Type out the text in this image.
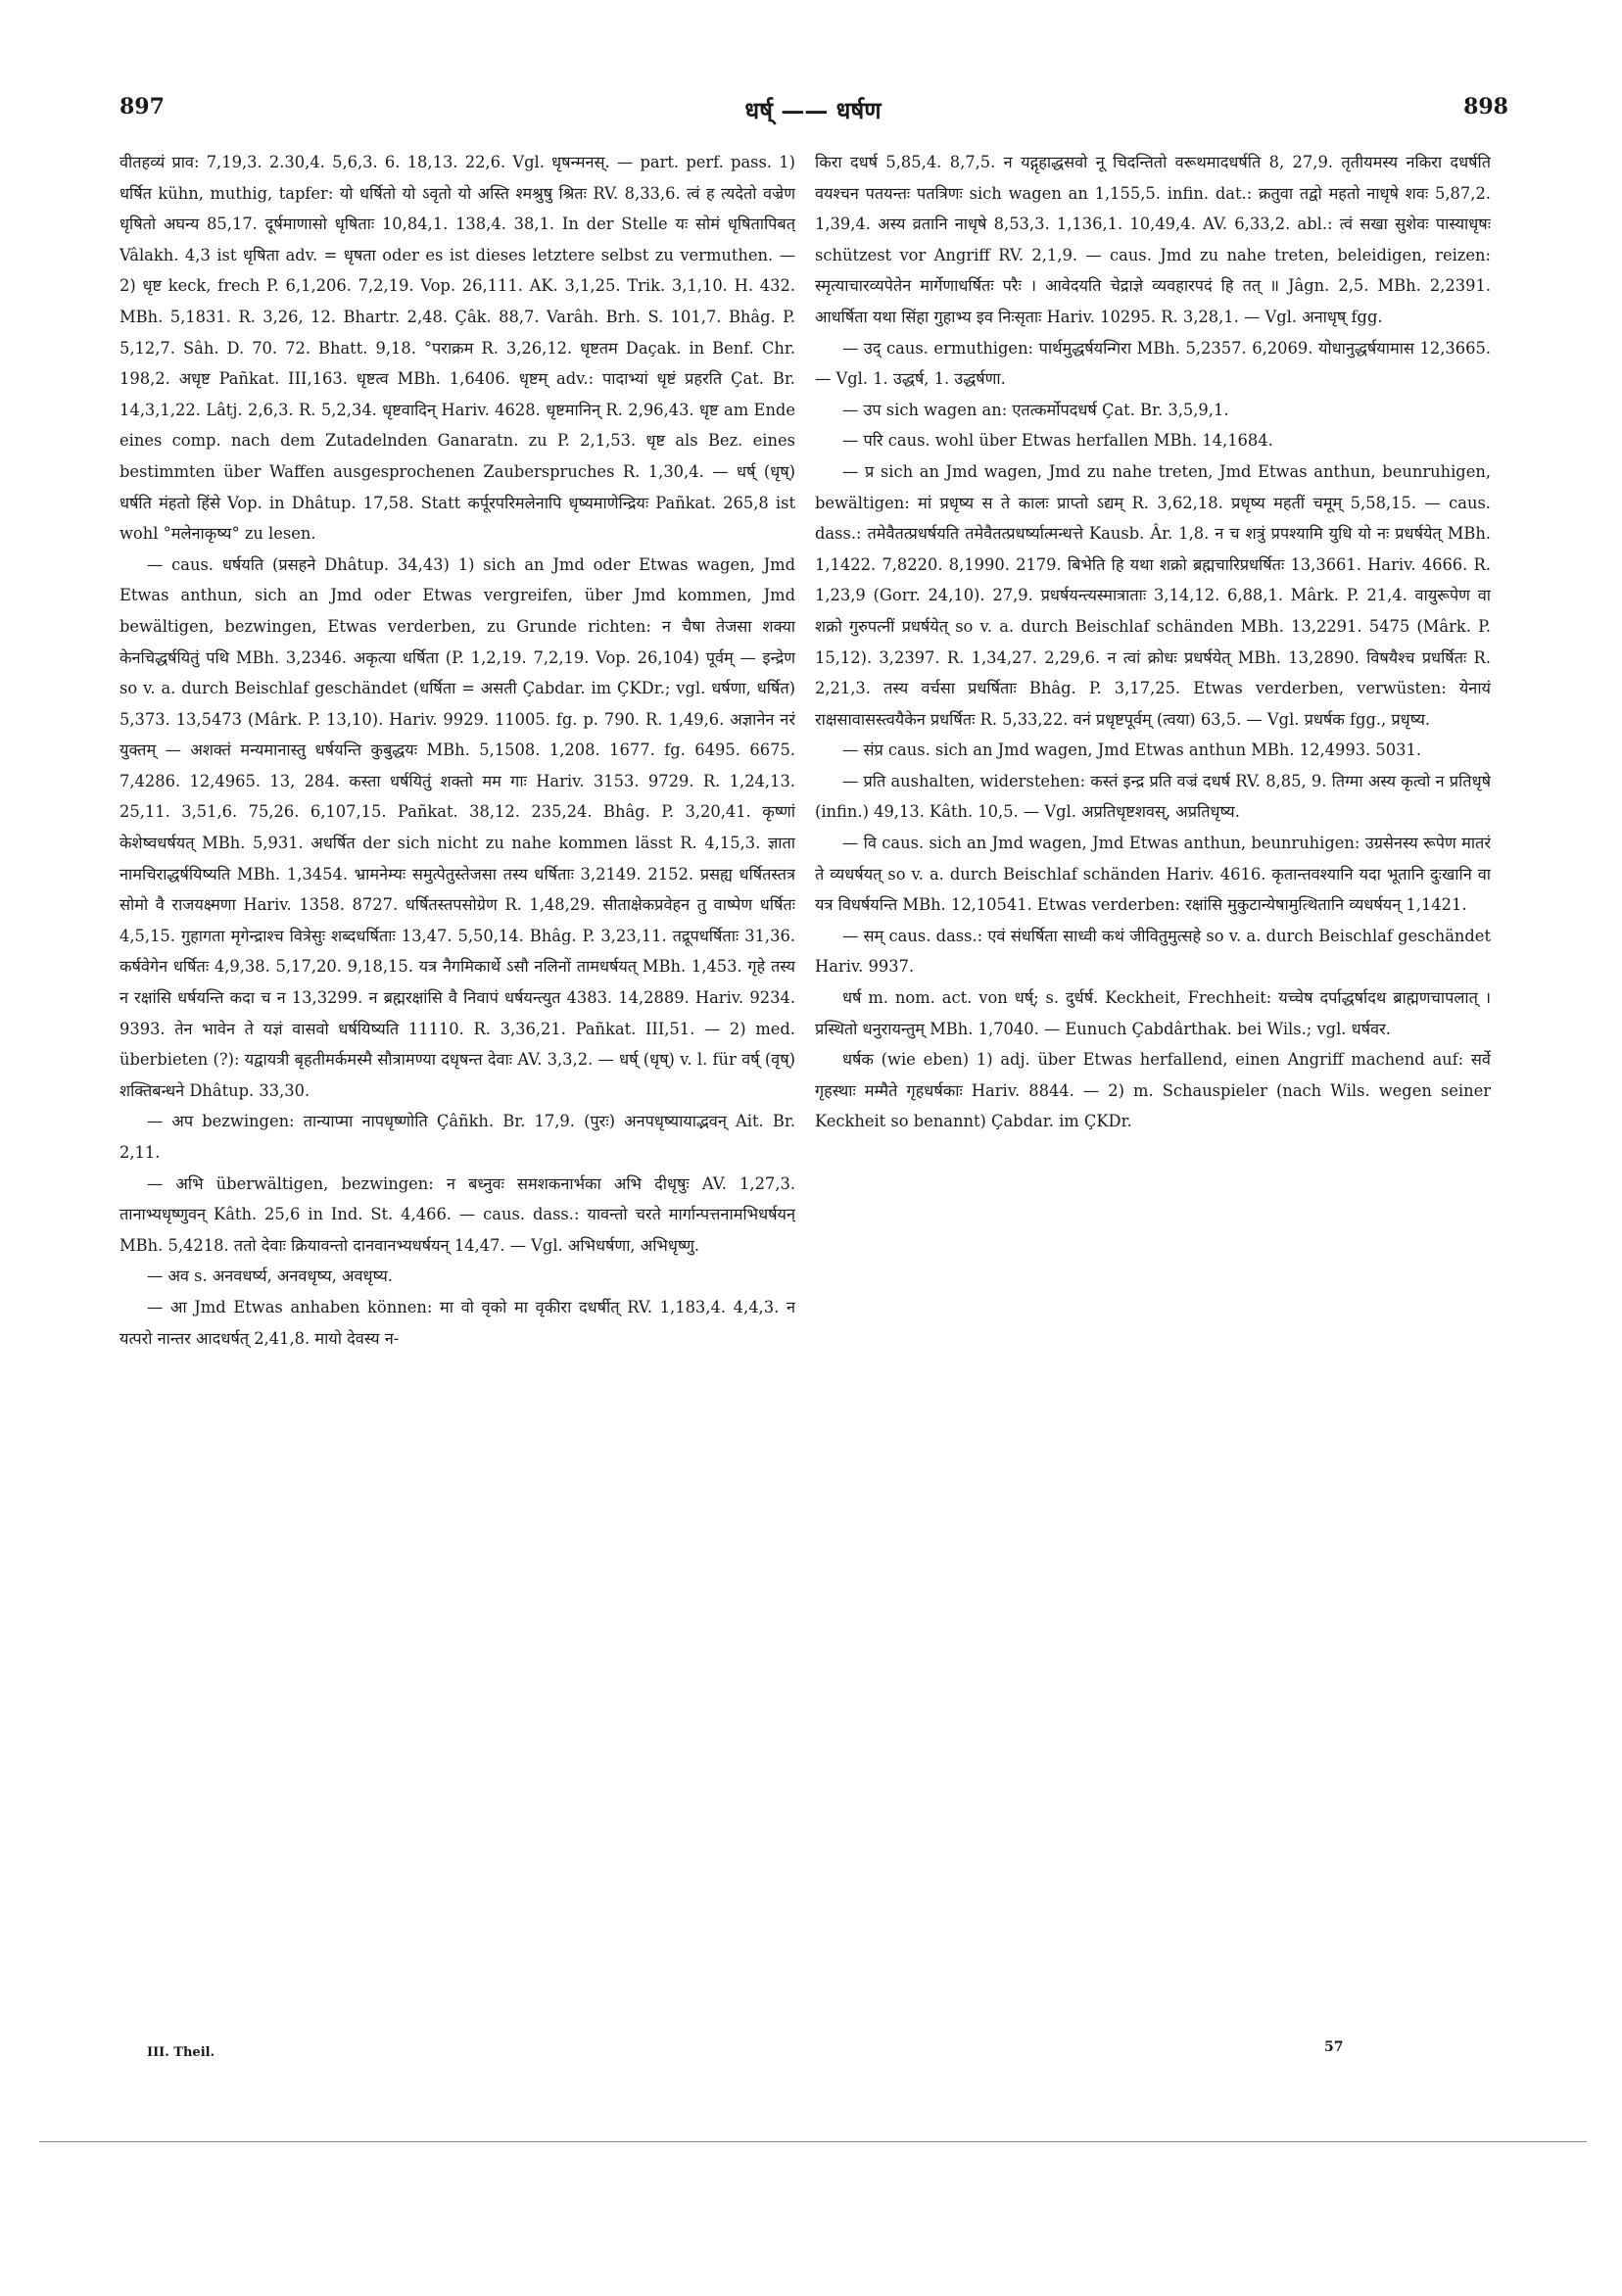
897	धर्ष् —— धर्षण	898

वीतहव्यं प्राव: 7,19,3. 2.30,4. 5,6,3. 6. 18,13. 22,6. Vgl. धृषन्मनस्. — part. perf. pass. 1) धर्षित kühn, muthig, tapfer: यो धर्षितो यो ऽवृतो यो अस्ति श्मश्रुषु श्रितः RV. 8,33,6. त्वं ह त्यदेतो वज्रेण धृषितो अघन्य 85,17. दूर्षमाणासो धृषिताः 10,84,1. 138,4. 38,1. In der Stelle यः सोमं धृषितापिबत् Vâlakh. 4,3 ist धृषिता adv. = धृषता oder es ist dieses letztere selbst zu vermuthen. — 2) धृष्ट keck, frech P. 6,1,206. 7,2,19. Vop. 26,111. AK. 3,1,25. Trik. 3,1,10. H. 432. MBh. 5,1831. R. 3,26, 12. Bhartr. 2,48. Çâk. 88,7. Varâh. Brh. S. 101,7. Bhâg. P. 5,12,7. Sâh. D. 70. 72. Bhatt. 9,18. °पराक्रम R. 3,26,12. धृष्टतम Daçak. in Benf. Chr. 198,2. अधृष्ट Pañkat. III,163. धृष्टत्व MBh. 1,6406. धृष्टम् adv.: पादाभ्यां धृष्टं प्रहरति Çat. Br. 14,3,1,22. Lâtj. 2,6,3. R. 5,2,34. धृष्टवादिन् Hariv. 4628. धृष्टमानिन् R. 2,96,43. धृष्ट am Ende eines comp. nach dem Zutadelnden Ganaratn. zu P. 2,1,53. धृष्ट als Bez. eines bestimmten über Waffen ausgesprochenen Zauberspruches R. 1,30,4. — धर्ष् (धृष्) धर्षति मंहतो हिंसे Vop. in Dhâtup. 17,58. Statt कर्पूरपरिमलेनापि धृष्यमाणेन्द्रियः Pañkat. 265,8 ist wohl °मलेनाकृष्य° zu lesen.

— caus. धर्षयति (प्रसहने Dhâtup. 34,43) 1) sich an Jmd oder Etwas wagen, Jmd Etwas anthun, sich an Jmd oder Etwas vergreifen, über Jmd kommen, Jmd bewältigen, bezwingen, Etwas verderben, zu Grunde richten: न चैषा तेजसा शक्या केनचिद्धर्षयितुं पथि MBh. 3,2346. अकृत्या धर्षिता (P. 1,2,19. 7,2,19. Vop. 26,104) पूर्वम् — इन्द्रेण so v. a. durch Beischlaf geschändet (धर्षिता = असती Çabdar. im ÇKDr.; vgl. धर्षणा, धर्षित) 5,373. 13,5473 (Mârk. P. 13,10). Hariv. 9929. 11005. fg. p. 790. R. 1,49,6. अज्ञानेन नरं युक्तम् — अशक्तं मन्यमानास्तु धर्षयन्ति कुबुद्धयः MBh. 5,1508. 1,208. 1677. fg. 6495. 6675. 7,4286. 12,4965. 13, 284. कस्ता धर्षयितुं शक्तो मम गाः Hariv. 3153. 9729. R. 1,24,13. 25,11. 3,51,6. 75,26. 6,107,15. Pañkat. 38,12. 235,24. Bhâg. P. 3,20,41. कृष्णां केशेष्वधर्षयत् MBh. 5,931. अधर्षित der sich nicht zu nahe kommen lässt R. 4,15,3. ज्ञाता नामचिराद्धर्षयिष्यति MBh. 1,3454. भ्रामनेम्यः समुत्पेतुस्तेजसा तस्य धर्षिताः 3,2149. 2152. प्रसह्य धर्षितस्तत्र सोमो वै राजयक्ष्मणा Hariv. 1358. 8727. धर्षितस्तपसोग्रेण R. 1,48,29. सीताक्षेकप्रवेहन तु वाष्पेण धर्षितः 4,5,15. गुहागता मृगेन्द्राश्च वित्रेसुः शब्दधर्षिताः 13,47. 5,50,14. Bhâg. P. 3,23,11. तद्रूपधर्षिताः 31,36. कर्षवेगेन धर्षितः 4,9,38. 5,17,20. 9,18,15. यत्र नैगमिकार्थे ऽसौ नलिनों तामधर्षयत् MBh. 1,453. गृहे तस्य न रक्षांसि धर्षयन्ति कदा च न 13,3299. न ब्रह्मरक्षांसि वै निवापं धर्षयन्त्युत 4383. 14,2889. Hariv. 9234. 9393. तेन भावेन ते यज्ञं वासवो धर्षयिष्यति 11110. R. 3,36,21. Pañkat. III,51. — 2) med. überbieten (?): यद्वायत्री बृहतीमर्कमस्मै सौत्रामण्या दधृषन्त देवाः AV. 3,3,2. — धर्ष् (धृष्) v. l. für वर्ष् (वृष्) शक्तिबन्धने Dhâtup. 33,30.

— अप bezwingen: तान्याप्मा नापधृष्णोति Çâñkh. Br. 17,9. (पुरः) अनपधृष्यायाद्भवन् Ait. Br. 2,11.

— अभि überwältigen, bezwingen: न बध्नुवः समशकनार्भका अभि दीधृषुः AV. 1,27,3. तानाभ्यधृष्णुवन् Kâth. 25,6 in Ind. St. 4,466. — caus. dass.: यावन्तो चरते मार्गान्पत्तनामभिधर्षयन् MBh. 5,4218. ततो देवाः क्रियावन्तो दानवानभ्यधर्षयन् 14,47. — Vgl. अभिधर्षणा, अभिधृष्णु.

— अव s. अनवधर्ष्य, अनवधृष्य, अवधृष्य.

— आ Jmd Etwas anhaben können: मा वो वृको मा वृकीरा दधर्षीत् RV. 1,183,4. 4,4,3. न यत्परो नान्तर आदधर्षत् 2,41,8. मायो देवस्य न-

किरा दधर्ष 5,85,4. 8,7,5. न यद्गृहाद्धसवो नू चिदन्तितो वरूथमादधर्षति 8, 27,9. तृतीयमस्य नकिरा दधर्षति वयश्चन पतयन्तः पतत्रिणः sich wagen an 1,155,5. infin. dat.: क्रतुवा तद्वो महतो नाधृषे शवः 5,87,2. 1,39,4. अस्य व्रतानि नाधृषे 8,53,3. 1,136,1. 10,49,4. AV. 6,33,2. abl.: त्वं सखा सुशेवः पास्याधृषः schützest vor Angriff RV. 2,1,9. — caus. Jmd zu nahe treten, beleidigen, reizen: स्मृत्याचारव्यपेतेन मार्गेणाधर्षितः परैः । आवेदयति चेद्राज्ञे व्यवहारपदं हि तत् ॥ Jâgn. 2,5. MBh. 2,2391. आधर्षिता यथा सिंहा गुहाभ्य इव निःसृताः Hariv. 10295. R. 3,28,1. — Vgl. अनाधृष् fgg.

— उद् caus. ermuthigen: पार्थमुद्धर्षयन्गिरा MBh. 5,2357. 6,2069. योधानुद्धर्षयामास 12,3665. — Vgl. 1. उद्धर्ष, 1. उद्धर्षणा.

— उप sich wagen an: एतत्कर्मोपदधर्ष Çat. Br. 3,5,9,1.

— परि caus. wohl über Etwas herfallen MBh. 14,1684.

— प्र sich an Jmd wagen, Jmd zu nahe treten, Jmd Etwas anthun, beunruhigen, bewältigen: मां प्रधृष्य स ते कालः प्राप्तो ऽद्यम् R. 3,62,18. प्रधृष्य महतीं चमूम् 5,58,15. — caus. dass.: तमेवैतत्प्रधर्षयति तमेवैतत्प्रधर्ष्यात्मन्धत्ते Kausb. Âr. 1,8. न च शत्रुं प्रपश्यामि युधि यो नः प्रधर्षयेत् MBh. 1,1422. 7,8220. 8,1990. 2179. बिभेति हि यथा शक्रो ब्रह्मचारिप्रधर्षितः 13,3661. Hariv. 4666. R. 1,23,9 (Gorr. 24,10). 27,9. प्रधर्षयन्त्यस्मात्राताः 3,14,12. 6,88,1. Mârk. P. 21,4. वायुरूपेण वा शक्रो गुरुपत्नीं प्रधर्षयेत् so v. a. durch Beischlaf schänden MBh. 13,2291. 5475 (Mârk. P. 15,12). 3,2397. R. 1,34,27. 2,29,6. न त्वां क्रोधः प्रधर्षयेत् MBh. 13,2890. विषयैश्च प्रधर्षितः R. 2,21,3. तस्य वर्चसा प्रधर्षिताः Bhâg. P. 3,17,25. Etwas verderben, verwüsten: येनायं राक्षसावासस्त्वयैकेन प्रधर्षितः R. 5,33,22. वनं प्रधृष्टपूर्वम् (त्वया) 63,5. — Vgl. प्रधर्षक fgg., प्रधृष्य.

— संप्र caus. sich an Jmd wagen, Jmd Etwas anthun MBh. 12,4993. 5031.

— प्रति aushalten, widerstehen: कस्तं इन्द्र प्रति वज्रं दधर्ष RV. 8,85, 9. तिग्मा अस्य कृत्वो न प्रतिधृषे (infin.) 49,13. Kâth. 10,5. — Vgl. अप्रतिधृष्टशवस्, अप्रतिधृष्य.

— वि caus. sich an Jmd wagen, Jmd Etwas anthun, beunruhigen: उग्रसेनस्य रूपेण मातरं ते व्यधर्षयत् so v. a. durch Beischlaf schänden Hariv. 4616. कृतान्तवश्यानि यदा भूतानि दुःखानि वा यत्र विधर्षयन्ति MBh. 12,10541. Etwas verderben: रक्षांसि मुकुटान्येषामुत्थितानि व्यधर्षयन् 1,1421.

— सम् caus. dass.: एवं संधर्षिता साध्वी कथं जीवितुमुत्सहे so v. a. durch Beischlaf geschändet Hariv. 9937.

धर्ष m. nom. act. von धर्ष्; s. दुर्धर्ष. Keckheit, Frechheit: यच्चेष दर्पाद्धर्षादथ ब्राह्मणचापलात् । प्रस्थितो धनुरायन्तुम् MBh. 1,7040. — Eunuch Çabdârthak. bei Wils.; vgl. धर्षवर.

धर्षक (wie eben) 1) adj. über Etwas herfallend, einen Angriff machend auf: सर्वे गृहस्थाः मम्मैते गृहधर्षकाः Hariv. 8844. — 2) m. Schauspieler (nach Wils. wegen seiner Keckheit so benannt) Çabdar. im ÇKDr.

III. Theil.	57
